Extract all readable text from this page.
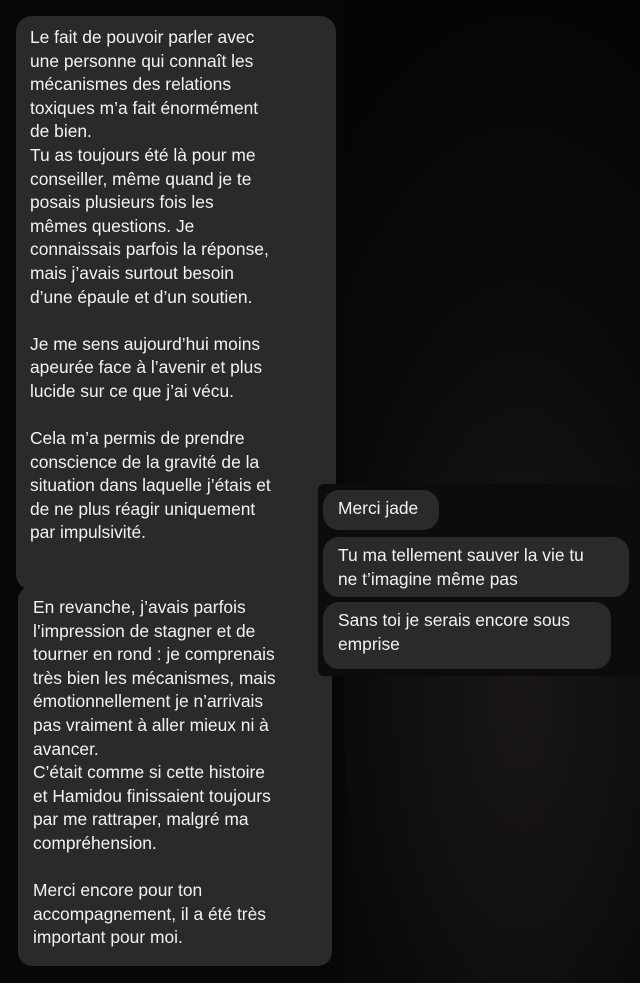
Le fait de pouvoir parler avec
une personne qui connaît les
mécanismes des relations
toxiques m’a fait énormément
de bien.
Tu as toujours été là pour me
conseiller, même quand je te
posais plusieurs fois les
mêmes questions. Je
connaissais parfois la réponse,
mais j’avais surtout besoin
d’une épaule et d’un soutien.

Je me sens aujourd’hui moins
apeurée face à l’avenir et plus
lucide sur ce que j’ai vécu.

Cela m’a permis de prendre
conscience de la gravité de la
situation dans laquelle j’étais et
de ne plus réagir uniquement
par impulsivité.
En revanche, j’avais parfois
l’impression de stagner et de
tourner en rond : je comprenais
très bien les mécanismes, mais
émotionnellement je n’arrivais
pas vraiment à aller mieux ni à
avancer.
C’était comme si cette histoire
et Hamidou finissaient toujours
par me rattraper, malgré ma
compréhension.

Merci encore pour ton
accompagnement, il a été très
important pour moi.
Merci jade
Tu ma tellement sauver la vie tu
ne t’imagine même pas
Sans toi je serais encore sous
emprise
